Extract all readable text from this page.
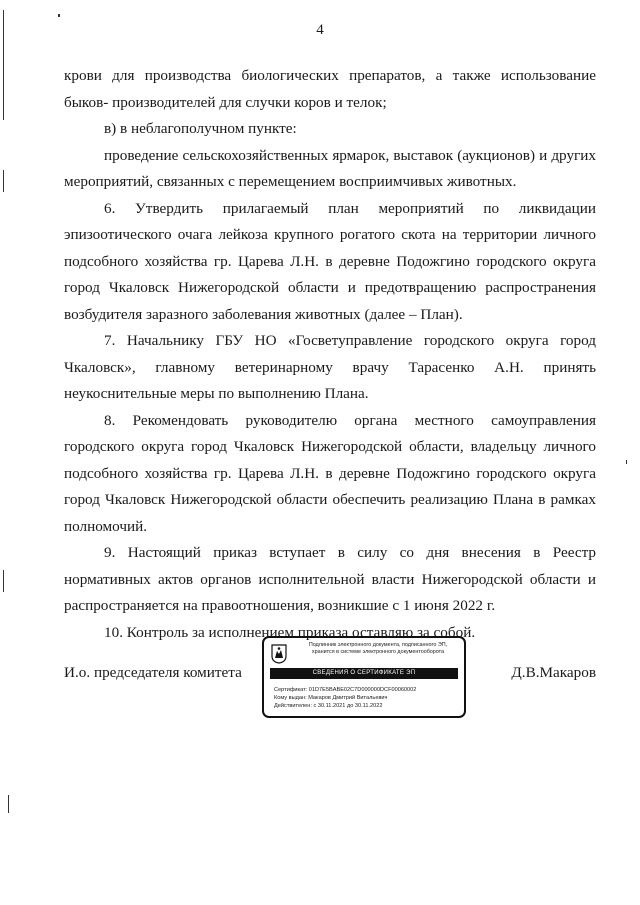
4

крови для производства биологических препаратов, а также использование быков- производителей для случки коров и телок;

в) в неблагополучном пункте:

проведение сельскохозяйственных ярмарок, выставок (аукционов) и других мероприятий, связанных с перемещением восприимчивых животных.

6. Утвердить прилагаемый план мероприятий по ликвидации эпизоотического очага лейкоза крупного рогатого скота на территории личного подсобного хозяйства гр. Царева Л.Н. в деревне Подожгино городского округа город Чкаловск Нижегородской области и предотвращению распространения возбудителя заразного заболевания животных (далее – План).

7. Начальнику ГБУ НО «Госветуправление городского округа город Чкаловск», главному ветеринарному врачу Тарасенко А.Н. принять неукоснительные меры по выполнению Плана.

8. Рекомендовать руководителю органа местного самоуправления городского округа город Чкаловск Нижегородской области, владельцу личного подсобного хозяйства гр. Царева Л.Н. в деревне Подожгино городского округа город Чкаловск Нижегородской области обеспечить реализацию Плана в рамках полномочий.

9. Настоящий приказ вступает в силу со дня внесения в Реестр нормативных актов органов исполнительной власти Нижегородской области и распространяется на правоотношения, возникшие с 1 июня 2022 г.

10. Контроль за исполнением приказа оставляю за собой.

И.о. председателя комитета
Подлинник электронного документа, подписанного ЭП,
хранится в системе электронного документооборота
СВЕДЕНИЯ О СЕРТИФИКАТЕ ЭП
Сертификат: 01D7E5BABE02C7D000000DCF00060002
Кому выдан: Макаров Дмитрий Витальевич
Действителен: с 30.11.2021 до 30.11.2022
Д.В.Макаров
